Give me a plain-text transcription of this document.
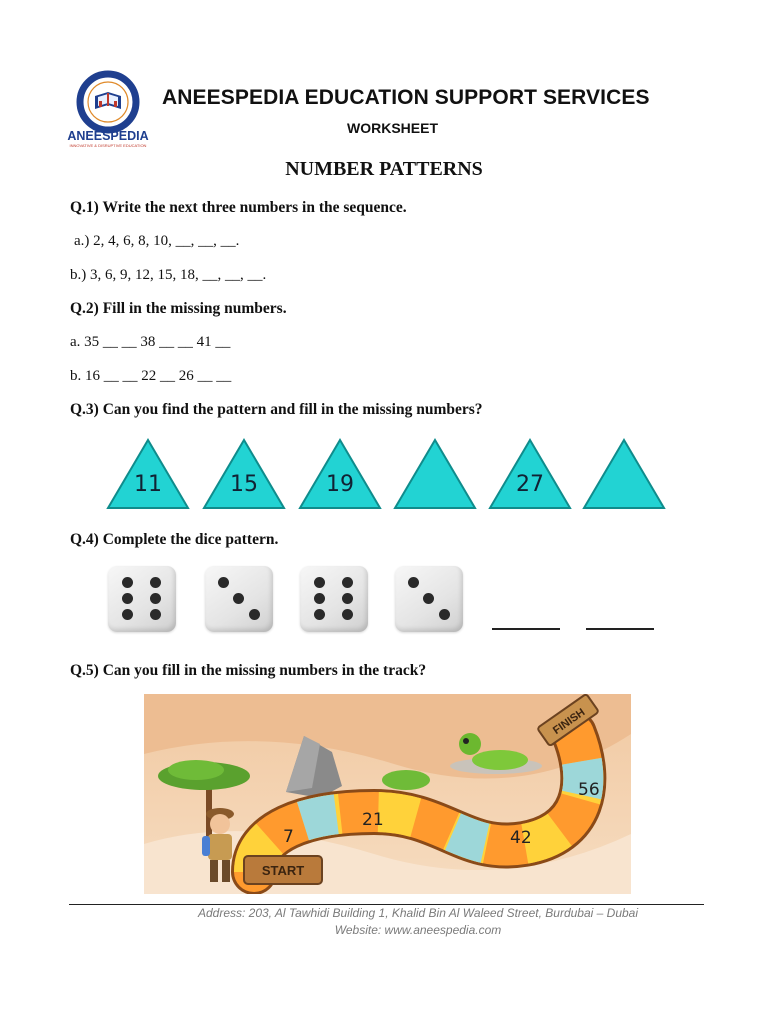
ANEESPEDIA
INNOVATIVE & DISRUPTIVE EDUCATION
ANEESPEDIA EDUCATION SUPPORT SERVICES
WORKSHEET
NUMBER PATTERNS
Q.1) Write the next three numbers in the sequence.
a.) 2, 4, 6, 8, 10, __, __, __.
b.) 3, 6, 9, 12, 15, 18, __, __, __.
Q.2) Fill in the missing numbers.
a. 35 __ __ 38 __ __ 41 __
b. 16 __ __ 22 __ 26 __ __
Q.3) Can you find the pattern and fill in the missing numbers?
11	15	19	27
Q.4) Complete the dice pattern.
Q.5) Can you fill in the missing numbers in the track?
7
21
42
56
START
FINISH
Address: 203, Al Tawhidi Building 1, Khalid Bin Al Waleed Street, Burdubai – Dubai
Website: www.aneespedia.com
